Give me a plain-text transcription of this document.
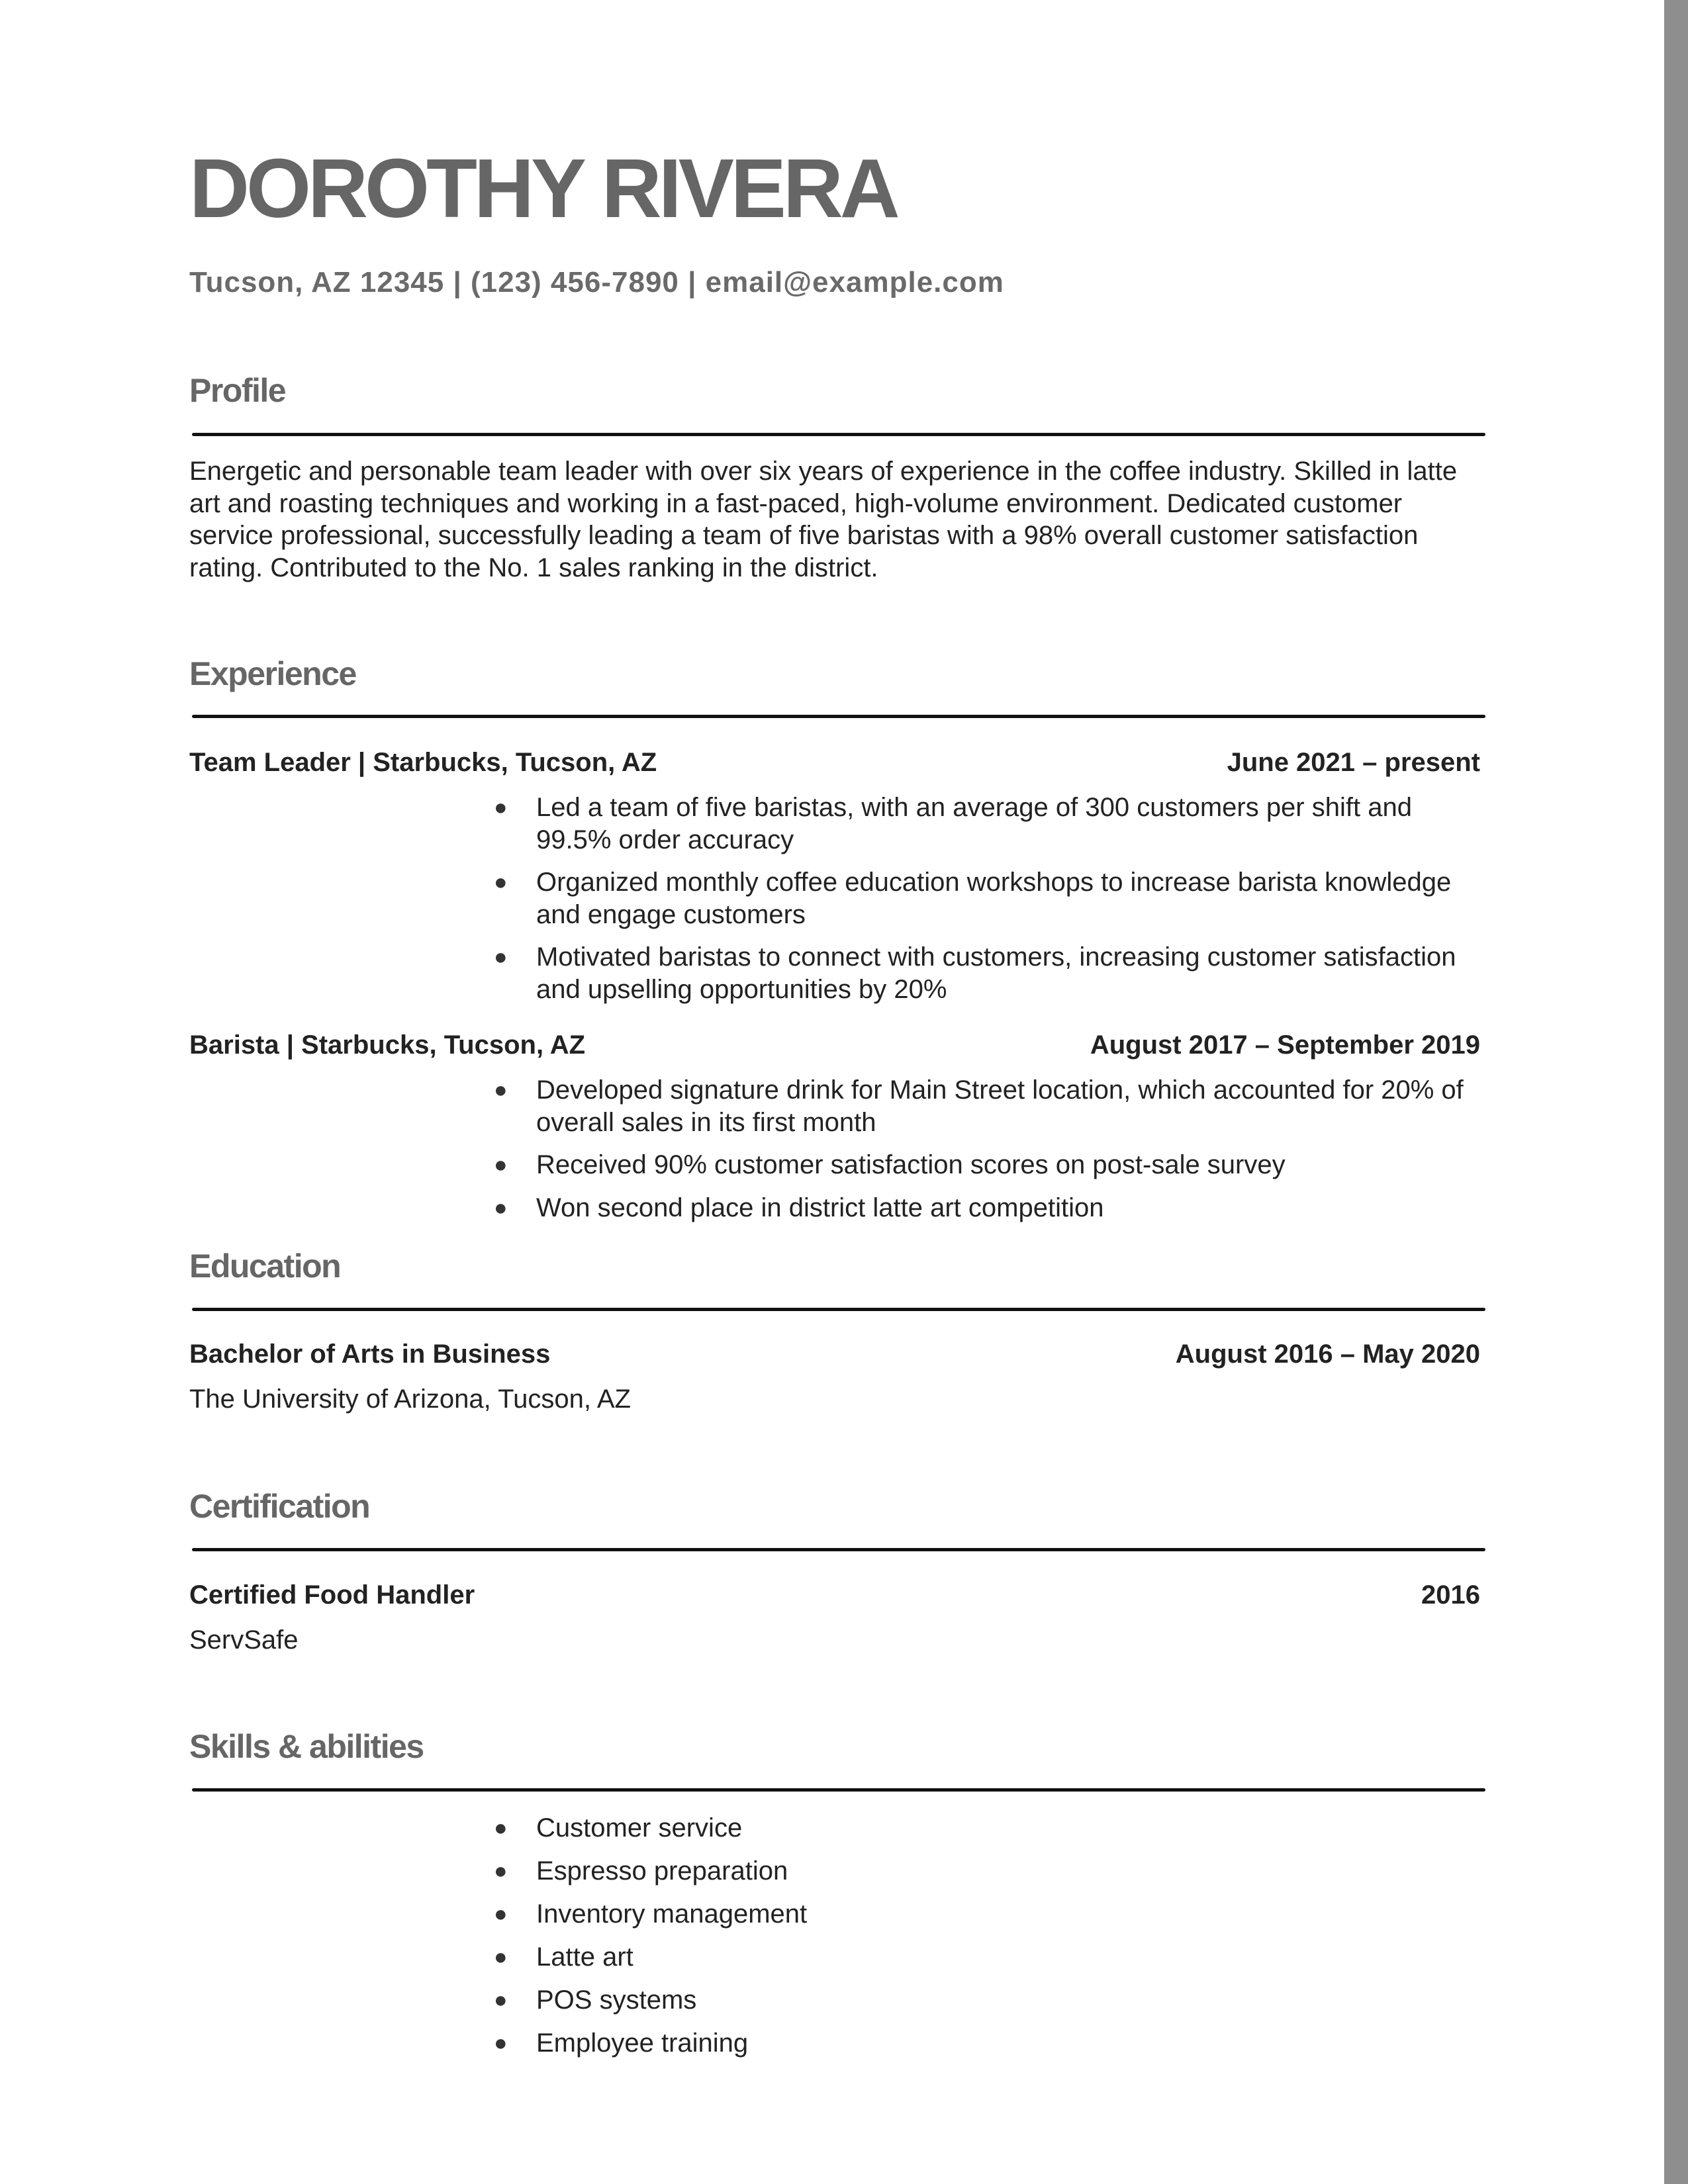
DOROTHY RIVERA
Tucson, AZ 12345 | (123) 456-7890 | email@example.com
Profile
Energetic and personable team leader with over six years of experience in the coffee industry. Skilled in latte art and roasting techniques and working in a fast-paced, high-volume environment. Dedicated customer service professional, successfully leading a team of five baristas with a 98% overall customer satisfaction rating. Contributed to the No. 1 sales ranking in the district.
Experience
Team Leader | Starbucks, Tucson, AZ	June 2021 – present
● Led a team of five baristas, with an average of 300 customers per shift and 99.5% order accuracy
● Organized monthly coffee education workshops to increase barista knowledge and engage customers
● Motivated baristas to connect with customers, increasing customer satisfaction and upselling opportunities by 20%
Barista | Starbucks, Tucson, AZ	August 2017 – September 2019
● Developed signature drink for Main Street location, which accounted for 20% of overall sales in its first month
● Received 90% customer satisfaction scores on post-sale survey
● Won second place in district latte art competition
Education
Bachelor of Arts in Business	August 2016 – May 2020
The University of Arizona, Tucson, AZ
Certification
Certified Food Handler	2016
ServSafe
Skills & abilities
● Customer service
● Espresso preparation
● Inventory management
● Latte art
● POS systems
● Employee training
